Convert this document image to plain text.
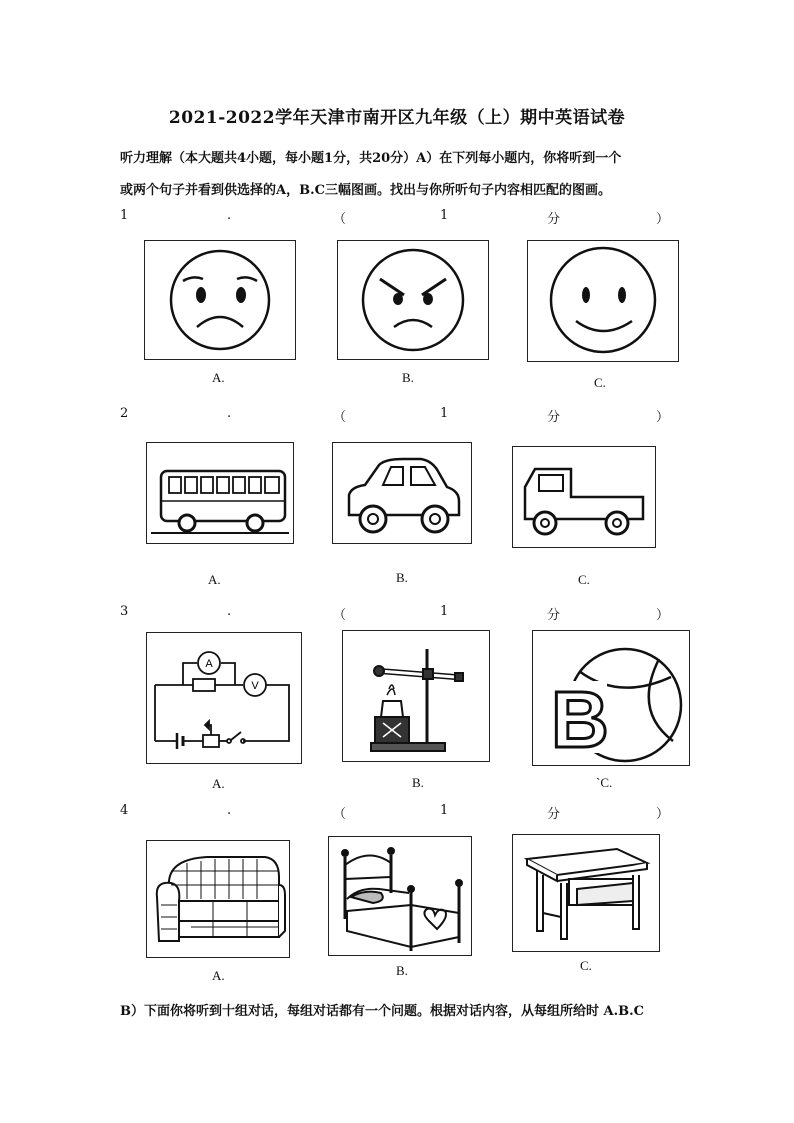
2021-2022学年天津市南开区九年级（上）期中英语试卷
听力理解（本大题共4小题，每小题1分，共20分）A）在下列每小题内，你将听到一个
或两个句子并看到供选择的A，B.C三幅图画。找出与你所听句子内容相匹配的图画。
1	.	（	1	分	）
A.	B.	C.
2	.	（	1	分	）
A.	B.	C.
3	.	（	1	分	）
A
V	B
A.	B.	`C.
4	.	（	1	分	）
A.	B.	C.
B）下面你将听到十组对话，每组对话都有一个问题。根据对话内容，从每组所给时 A.B.C
